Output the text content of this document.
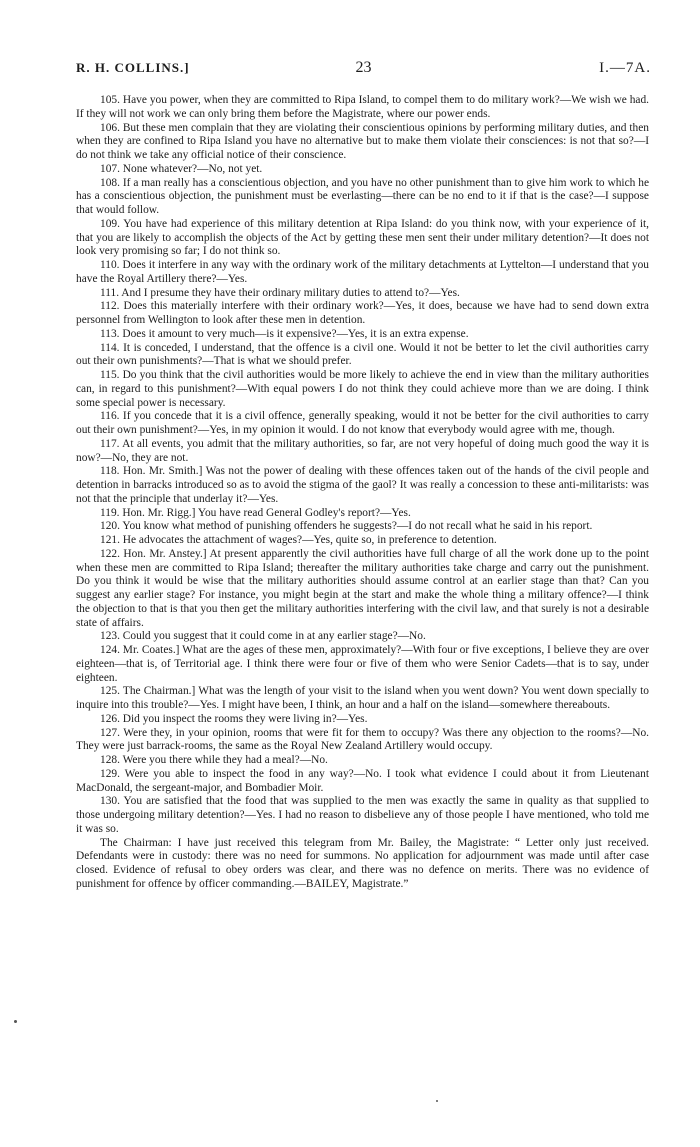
R. H. COLLINS.]	23	I.—7A.

105. Have you power, when they are committed to Ripa Island, to compel them to do military work?—We wish we had. If they will not work we can only bring them before the Magistrate, where our power ends.

106. But these men complain that they are violating their conscientious opinions by performing military duties, and then when they are confined to Ripa Island you have no alternative but to make them violate their consciences: is not that so?—I do not think we take any official notice of their conscience.

107. None whatever?—No, not yet.

108. If a man really has a conscientious objection, and you have no other punishment than to give him work to which he has a conscientious objection, the punishment must be everlasting—there can be no end to it if that is the case?—I suppose that would follow.

109. You have had experience of this military detention at Ripa Island: do you think now, with your experience of it, that you are likely to accomplish the objects of the Act by getting these men sent their under military detention?—It does not look very promising so far; I do not think so.

110. Does it interfere in any way with the ordinary work of the military detachments at Lyttelton—I understand that you have the Royal Artillery there?—Yes.

111. And I presume they have their ordinary military duties to attend to?—Yes.

112. Does this materially interfere with their ordinary work?—Yes, it does, because we have had to send down extra personnel from Wellington to look after these men in detention.

113. Does it amount to very much—is it expensive?—Yes, it is an extra expense.

114. It is conceded, I understand, that the offence is a civil one. Would it not be better to let the civil authorities carry out their own punishments?—That is what we should prefer.

115. Do you think that the civil authorities would be more likely to achieve the end in view than the military authorities can, in regard to this punishment?—With equal powers I do not think they could achieve more than we are doing. I think some special power is necessary.

116. If you concede that it is a civil offence, generally speaking, would it not be better for the civil authorities to carry out their own punishment?—Yes, in my opinion it would. I do not know that everybody would agree with me, though.

117. At all events, you admit that the military authorities, so far, are not very hopeful of doing much good the way it is now?—No, they are not.

118. Hon. Mr. Smith.] Was not the power of dealing with these offences taken out of the hands of the civil people and detention in barracks introduced so as to avoid the stigma of the gaol? It was really a concession to these anti-militarists: was not that the principle that underlay it?—Yes.

119. Hon. Mr. Rigg.] You have read General Godley's report?—Yes.

120. You know what method of punishing offenders he suggests?—I do not recall what he said in his report.

121. He advocates the attachment of wages?—Yes, quite so, in preference to detention.

122. Hon. Mr. Anstey.] At present apparently the civil authorities have full charge of all the work done up to the point when these men are committed to Ripa Island; thereafter the military authorities take charge and carry out the punishment. Do you think it would be wise that the military authorities should assume control at an earlier stage than that? Can you suggest any earlier stage? For instance, you might begin at the start and make the whole thing a military offence?—I think the objection to that is that you then get the military authorities interfering with the civil law, and that surely is not a desirable state of affairs.

123. Could you suggest that it could come in at any earlier stage?—No.

124. Mr. Coates.] What are the ages of these men, approximately?—With four or five exceptions, I believe they are over eighteen—that is, of Territorial age. I think there were four or five of them who were Senior Cadets—that is to say, under eighteen.

125. The Chairman.] What was the length of your visit to the island when you went down? You went down specially to inquire into this trouble?—Yes. I might have been, I think, an hour and a half on the island—somewhere thereabouts.

126. Did you inspect the rooms they were living in?—Yes.

127. Were they, in your opinion, rooms that were fit for them to occupy? Was there any objection to the rooms?—No. They were just barrack-rooms, the same as the Royal New Zealand Artillery would occupy.

128. Were you there while they had a meal?—No.

129. Were you able to inspect the food in any way?—No. I took what evidence I could about it from Lieutenant MacDonald, the sergeant-major, and Bombadier Moir.

130. You are satisfied that the food that was supplied to the men was exactly the same in quality as that supplied to those undergoing military detention?—Yes. I had no reason to disbelieve any of those people I have mentioned, who told me it was so.

The Chairman: I have just received this telegram from Mr. Bailey, the Magistrate: “ Letter only just received. Defendants were in custody: there was no need for summons. No application for adjournment was made until after case closed. Evidence of refusal to obey orders was clear, and there was no defence on merits. There was no evidence of punishment for offence by officer commanding.—BAILEY, Magistrate.”
